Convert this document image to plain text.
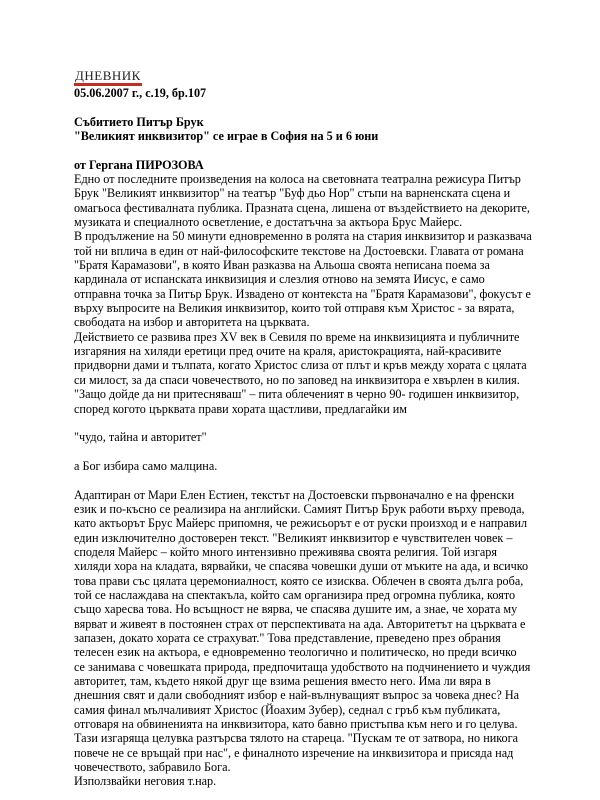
ДНЕВНИК
05.06.2007 г., с.19, бр.107
Събитието Питър Брук
"Великият инквизитор" се играе в София на 5 и 6 юни
от Гергана ПИРОЗОВА
Едно от последните произведения на колоса на световната театрална режисура Питър
Брук "Великият инквизитор" на театър "Буф дьо Нор" стъпи на варненската сцена и
омагьоса фестивалната публика. Празната сцена, лишена от въздействието на декорите,
музиката и специалното осветление, е достатъчна за актьора Брус Майерс.
В продължение на 50 минути едновременно в ролята на стария инквизитор и разказвача
той ни вплича в един от най-философските текстове на Достоевски. Главата от романа
"Братя Карамазови", в която Иван разказва на Альоша своята неписана поема за
кардинала от испанската инквизиция и слезлия отново на земята Иисус, е само
отправна точка за Питър Брук. Извадено от контекста на "Братя Карамазови", фокусът е
върху въпросите на Великия инквизитор, които той отправя към Христос - за вярата,
свободата на избор и авторитета на църквата.
Действието се развива през XV век в Севиля по време на инквизицията и публичните
изгаряния на хиляди еретици пред очите на краля, аристокрацията, най-красивите
придворни дами и тълпата, когато Христос слиза от плът и кръв между хората с цялата
си милост, за да спаси човечеството, но по заповед на инквизитора е хвърлен в килия.
"Защо дойде да ни притесняваш" – пита облеченият в черно 90- годишен инквизитор,
според когото църквата прави хората щастливи, предлагайки им
"чудо, тайна и авторитет"
а Бог избира само малцина.
Адаптиран от Мари Елен Естиен, текстът на Достоевски първоначално е на френски
език и по-късно се реализира на английски. Самият Питър Брук работи върху превода,
като актьорът Брус Майерс припомня, че режисьорът е от руски произход и е направил
един изключително достоверен текст. "Великият инквизитор е чувствителен човек –
споделя Майерс – който много интензивно преживява своята религия. Той изгаря
хиляди хора на кладата, вярвайки, че спасява човешки души от мъките на ада, и всичко
това прави със цялата церемониалност, която се изисква. Облечен в своята дълга роба,
той се наслаждава на спектакъла, който сам организира пред огромна публика, която
също харесва това. Но всъщност не вярва, че спасява душите им, а знае, че хората му
вярват и живеят в постоянен страх от перспективата на ада. Авторитетът на църквата е
запазен, докато хората се страхуват." Това представление, преведено през обрания
телесен език на актьора, е едновременно теологично и политическо, но преди всичко
се занимава с човешката природа, предпочитаща удобството на подчинението и чуждия
авторитет, там, където някой друг ще взима решения вместо него. Има ли вяра в
днешния свят и дали свободният избор е най-вълнуващият въпрос за човека днес? На
самия финал мълчаливият Христос (Йоахим Зубер), седнал с гръб към публиката,
отговаря на обвиненията на инквизитора, като бавно пристъпва към него и го целува.
Тази изгаряща целувка разтърсва тялото на стареца. "Пускам те от затвора, но никога
повече не се връщай при нас", е финалното изречение на инквизитора и присяда над
човечеството, забравило Бога.
Използвайки неговия т.нар.
